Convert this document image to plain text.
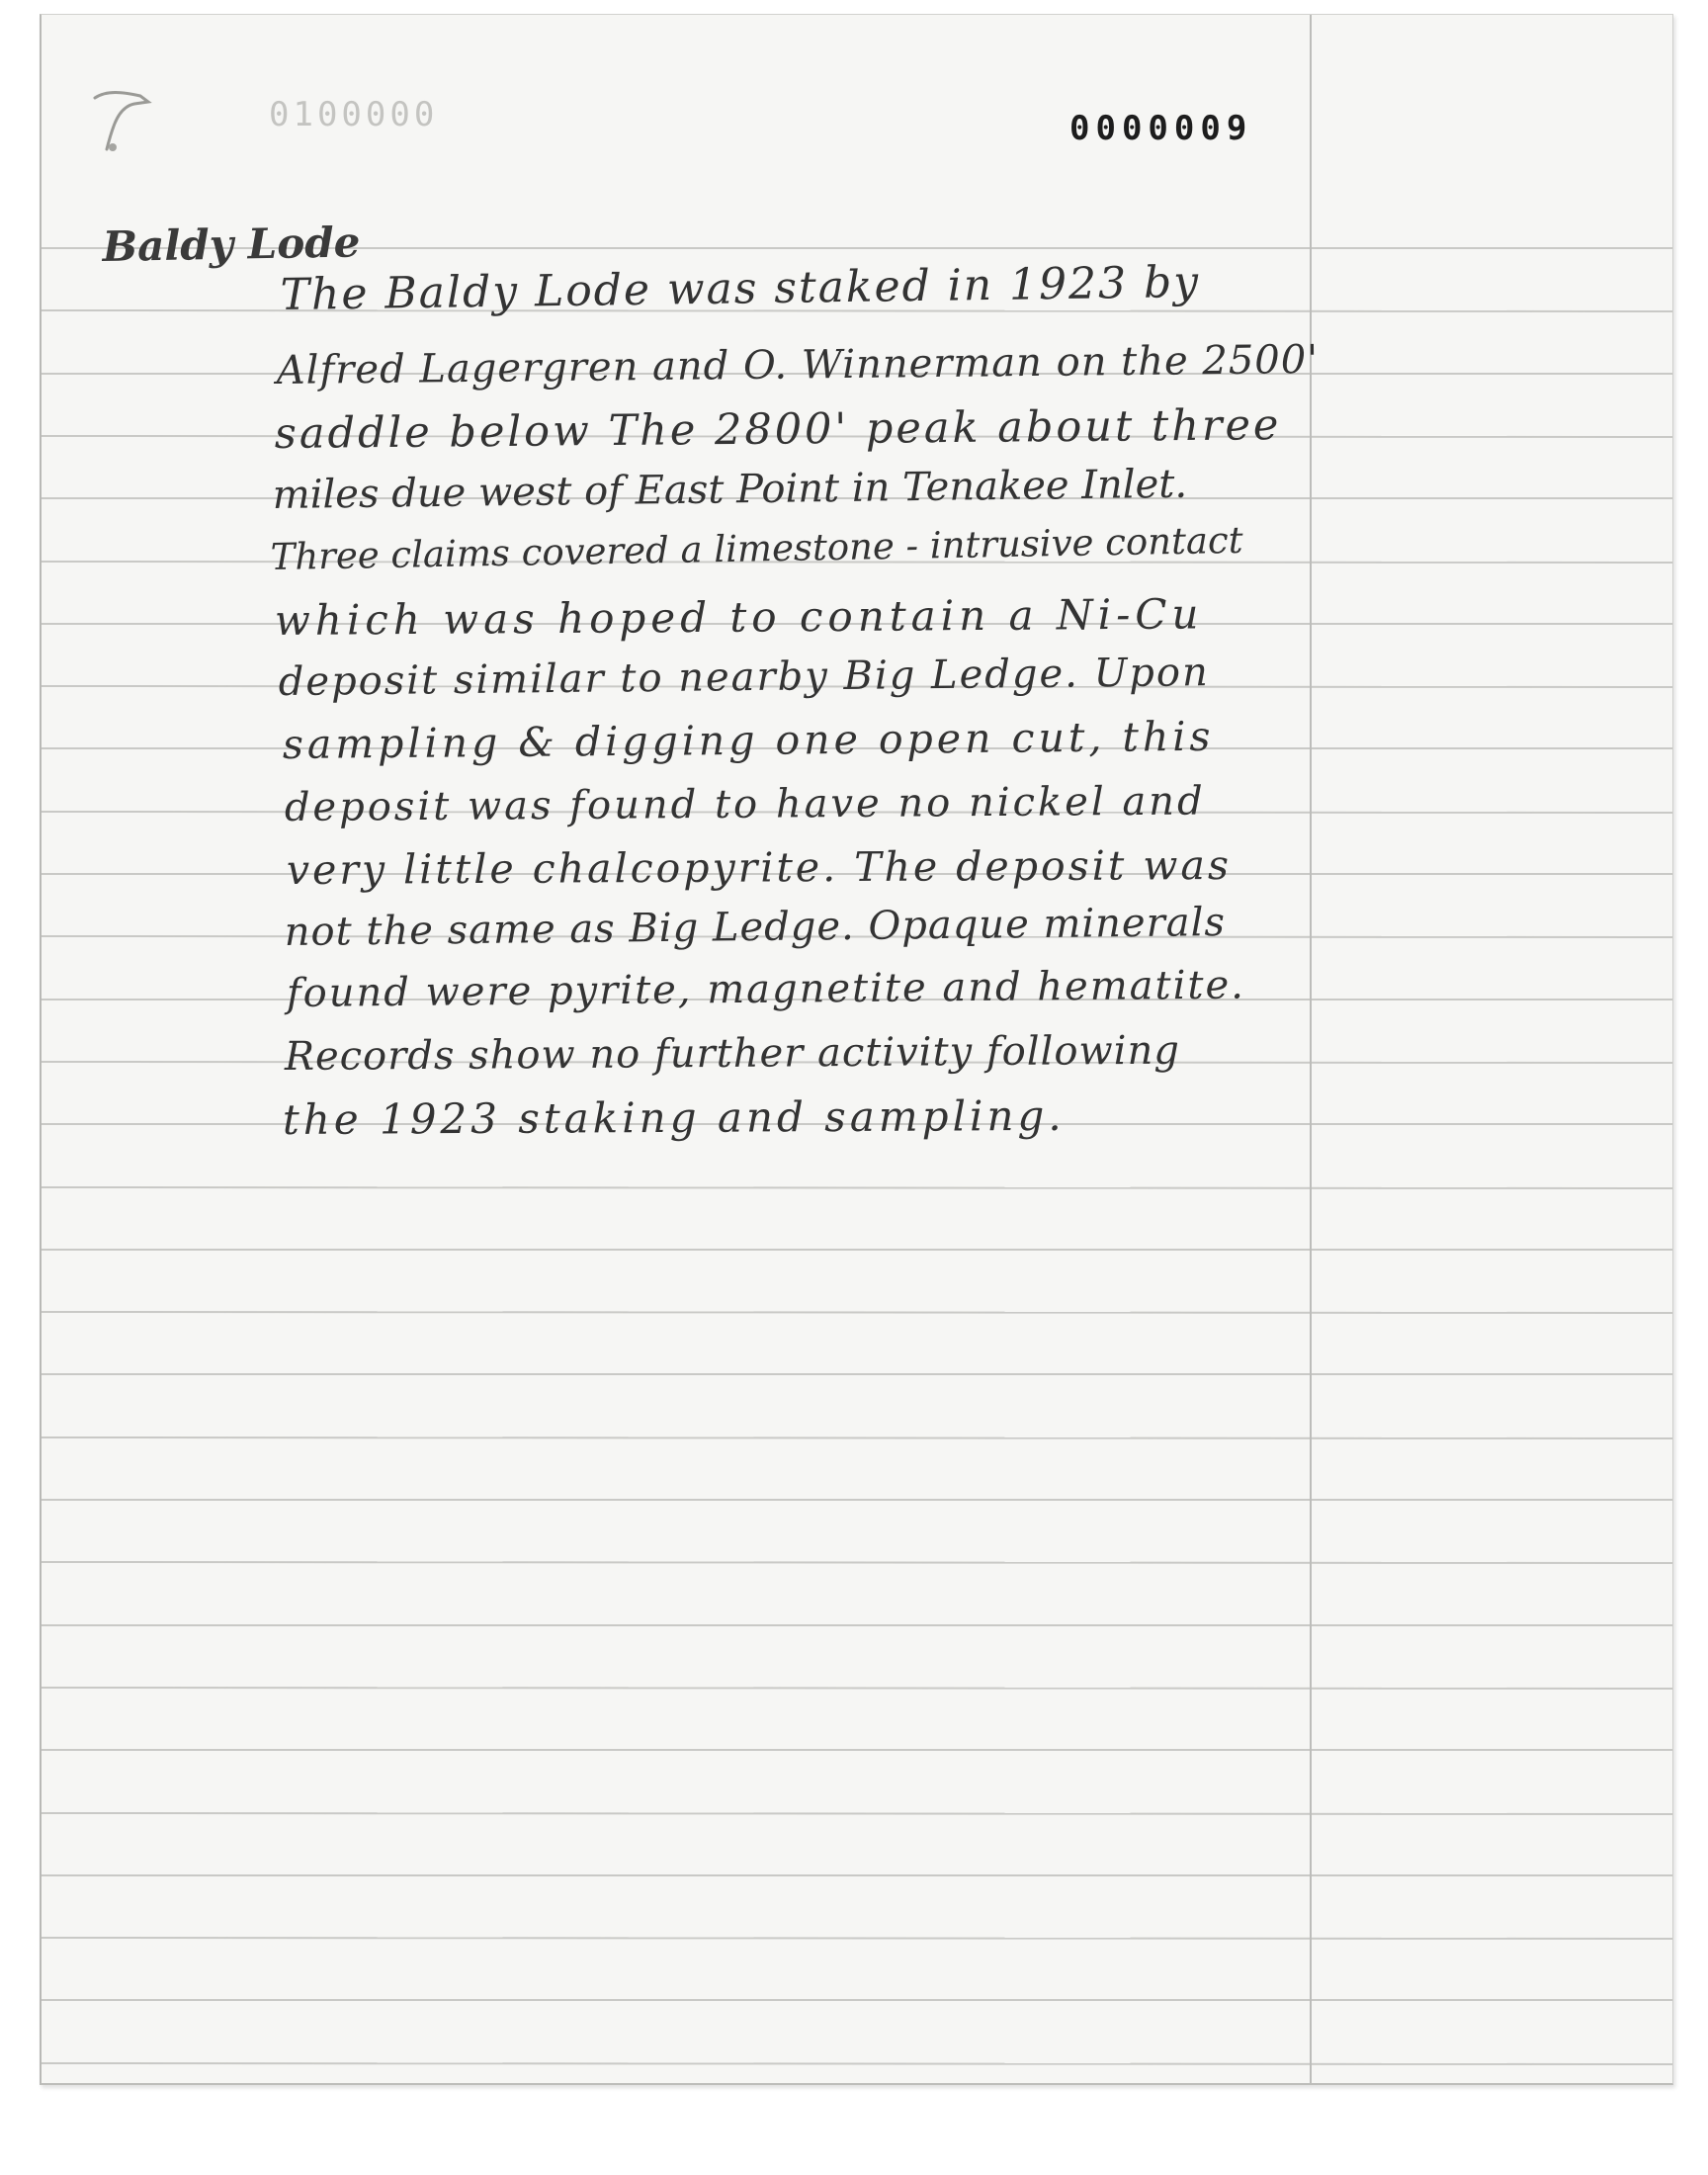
0100000	0000009

Baldy Lode

The Baldy Lode was staked in 1923 by

Alfred Lagergren and O. Winnerman on the 2500'

saddle below The 2800' peak about three

miles due west of East Point in Tenakee Inlet.

Three claims covered a limestone - intrusive contact

which was hoped to contain a Ni-Cu

deposit similar to nearby Big Ledge. Upon

sampling & digging one open cut, this

deposit was found to have no nickel and

very little chalcopyrite. The deposit was

not the same as Big Ledge. Opaque minerals

found were pyrite, magnetite and hematite.

Records show no further activity following

the 1923 staking and sampling.
